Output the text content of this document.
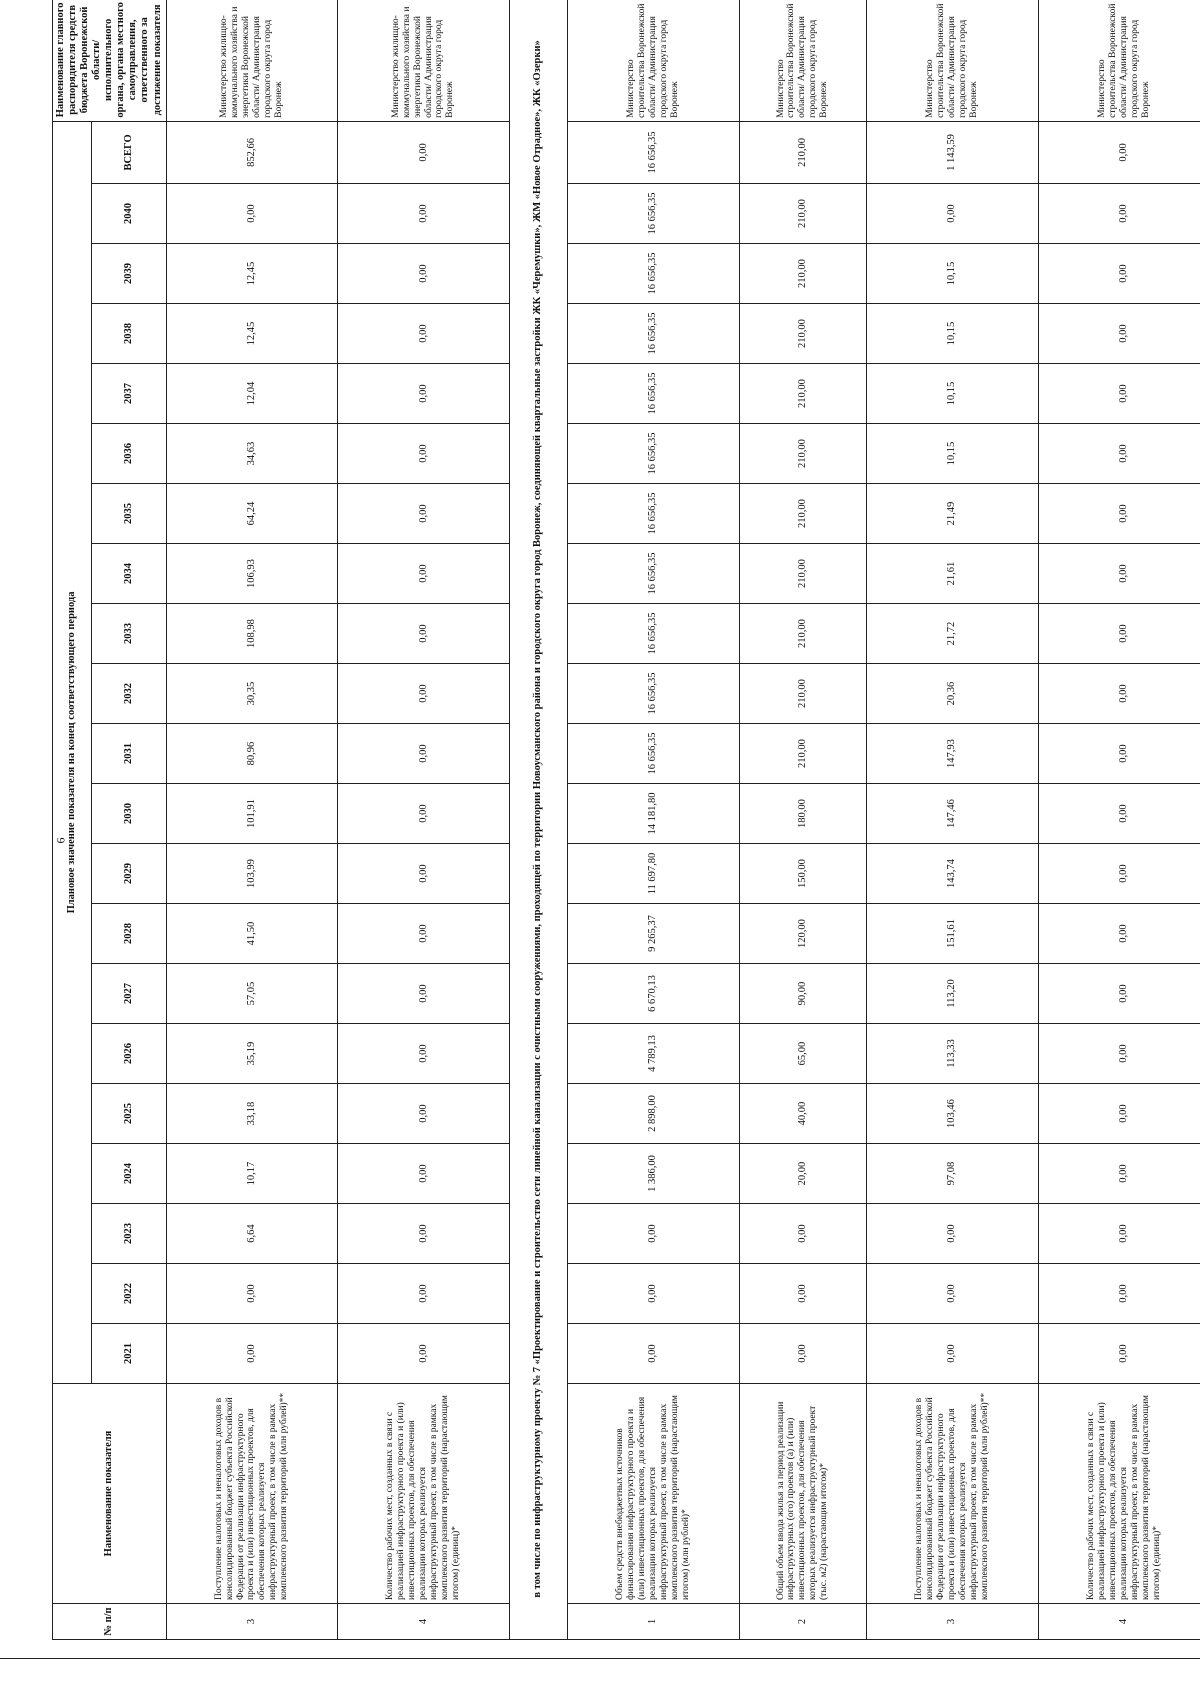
6
№ п/п	Наименование показателя	Плановое значение показателя на конец соответствующего периода																					Наименование главного распорядителя средств бюджета Воронежской области/исполнительного органа, органа местного самоуправления, ответственного за достижение показателя
		2021	2022	2023	2024	2025	2026	2027	2028	2029	2030	2031	2032	2033	2034	2035	2036	2037	2038	2039	2040	ВСЕГО	
3	Поступление налоговых и неналоговых доходов в консолидированный бюджет субъекта Российской Федерации от реализации инфраструктурного проекта и (или) инвестиционных проектов, для обеспечения которых реализуется инфраструктурный проект, в том числе в рамках комплексного развития территорий (млн рублей)**	0,00	0,00	6,64	10,17	33,18	35,19	57,05	41,50	103,99	101,91	80,96	30,35	108,98	106,93	64,24	34,63	12,04	12,45	12,45	0,00	852,66	Министерство жилищно-коммунального хозяйства и энергетики Воронежской области/ Администрация городского округа город Воронеж
4	Количество рабочих мест, созданных в связи с реализацией инфраструктурного проекта и (или) инвестиционных проектов, для обеспечения реализации которых реализуется инфраструктурный проект, в том числе в рамках комплексного развития территорий (нарастающим итогом) (единиц)*	0,00	0,00	0,00	0,00	0,00	0,00	0,00	0,00	0,00	0,00	0,00	0,00	0,00	0,00	0,00	0,00	0,00	0,00	0,00	0,00	0,00	Министерство жилищно-коммунального хозяйства и энергетики Воронежской области/ Администрация городского округа город Воронеж
в том числе по инфраструктурному проекту № 7 «Проектирование и строительство сети линейной канализации с очистными сооружениями, проходящей по территории Новоусманского района и городского округа город Воронеж, соединяющей квартальные застройки ЖК «Черемушки», ЖМ «Новое Отрадное», ЖК «Озерки»																							
1	Объем средств внебюджетных источников финансирования инфраструктурного проекта и (или) инвестиционных проектов, для обеспечения реализации которых реализуется инфраструктурный проект, в том числе в рамках комплексного развития территорий (нарастающим итогом) (млн рублей)*	0,00	0,00	0,00	1 386,00	2 898,00	4 789,13	6 670,13	9 265,37	11 697,80	14 181,80	16 656,35	16 656,35	16 656,35	16 656,35	16 656,35	16 656,35	16 656,35	16 656,35	16 656,35	16 656,35	16 656,35	Министерство строительства Воронежской области/ Администрация городского округа город Воронеж
2	Общий объем ввода жилья за период реализации инфраструктурных (ого) проектов (а) и (или) инвестиционных проектов, для обеспечения которых реализуется инфраструктурный проект (тыс. м2) (нарастающим итогом)*	0,00	0,00	0,00	20,00	40,00	65,00	90,00	120,00	150,00	180,00	210,00	210,00	210,00	210,00	210,00	210,00	210,00	210,00	210,00	210,00	210,00	Министерство строительства Воронежской области/ Администрация городского округа город Воронеж
3	Поступление налоговых и неналоговых доходов в консолидированный бюджет субъекта Российской Федерации от реализации инфраструктурного проекта и (или) инвестиционных проектов, для обеспечения которых реализуется инфраструктурный проект, в том числе в рамках комплексного развития территорий (млн рублей)**	0,00	0,00	0,00	97,08	103,46	113,33	113,20	151,61	143,74	147,46	147,93	20,36	21,72	21,61	21,49	10,15	10,15	10,15	10,15	0,00	1 143,59	Министерство строительства Воронежской области/ Администрация городского округа город Воронеж
4	Количество рабочих мест, созданных в связи с реализацией инфраструктурного проекта и (или) инвестиционных проектов, для обеспечения реализации которых реализуется инфраструктурный проект, в том числе в рамках комплексного развития территорий (нарастающим итогом) (единиц)*	0,00	0,00	0,00	0,00	0,00	0,00	0,00	0,00	0,00	0,00	0,00	0,00	0,00	0,00	0,00	0,00	0,00	0,00	0,00	0,00	0,00	Министерство строительства Воронежской области/ Администрация городского округа город Воронеж
